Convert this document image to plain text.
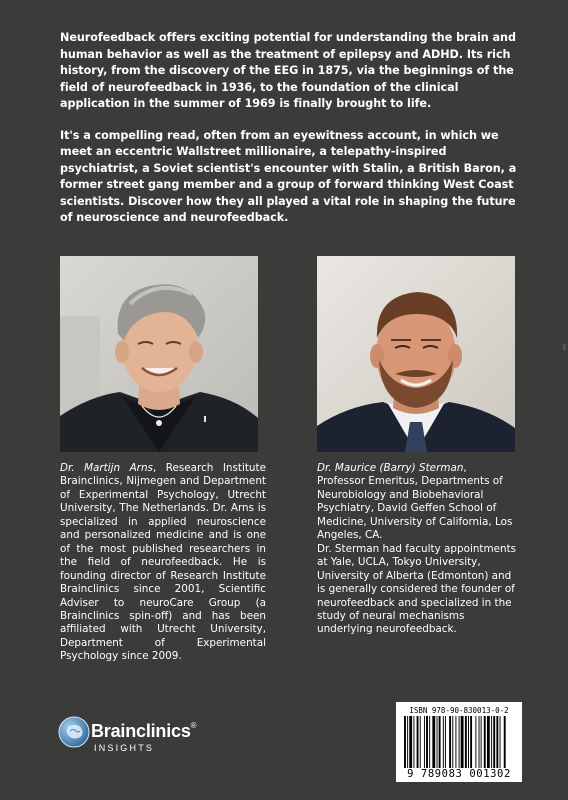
Neurofeedback offers exciting potential for understanding the brain and human behavior as well as the treatment of epilepsy and ADHD. Its rich history, from the discovery of the EEG in 1875, via the beginnings of the field of neurofeedback in 1936, to the foundation of the clinical application in the summer of 1969 is finally brought to life.

It's a compelling read, often from an eyewitness account, in which we meet an eccentric Wallstreet millionaire, a telepathy-inspired psychiatrist, a Soviet scientist's encounter with Stalin, a British Baron, a former street gang member and a group of forward thinking West Coast scientists. Discover how they all played a vital role in shaping the future of neuroscience and neurofeedback.

Dr. Martijn Arns, Research Institute Brainclinics, Nijmegen and Department of Experimental Psychology, Utrecht University, The Netherlands. Dr. Arns is specialized in applied neuroscience and personalized medicine and is one of the most published researchers in the field of neurofeedback. He is founding director of Research Institute Brainclinics since 2001, Scientific Adviser to neuroCare Group (a Brainclinics spin-off) and has been affiliated with Utrecht University, Department of Experimental Psychology since 2009.

Dr. Maurice (Barry) Sterman, Professor Emeritus, Departments of Neurobiology and Biobehavioral Psychiatry, David Geffen School of Medicine, University of California, Los Angeles, CA.

Dr. Sterman had faculty appointments at Yale, UCLA, Tokyo University, University of Alberta (Edmonton) and is generally considered the founder of neurofeedback and specialized in the study of neural mechanisms underlying neurofeedback.

Brainclinics®
INSIGHTS
ISBN 978-90-830013-0-2
9 789083 001302
